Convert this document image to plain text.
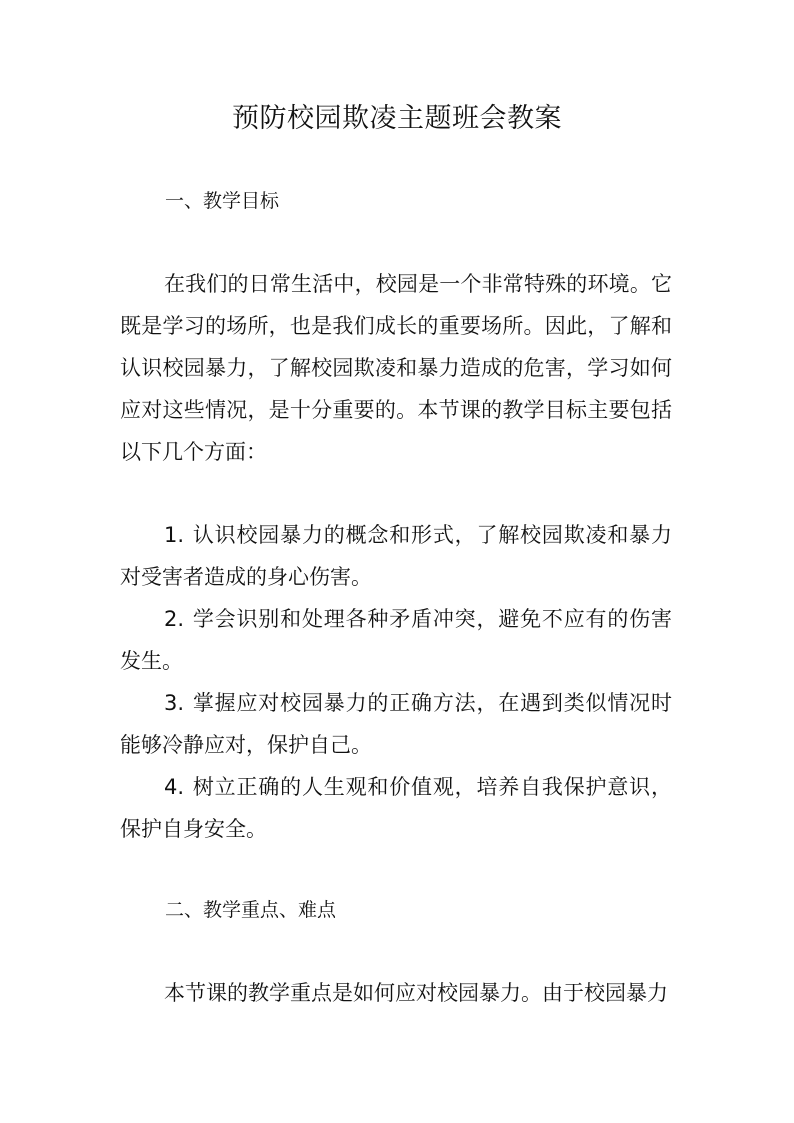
预防校园欺凌主题班会教案
一、教学目标

在我们的日常生活中，校园是一个非常特殊的环境。它既是学习的场所，也是我们成长的重要场所。因此，了解和认识校园暴力，了解校园欺凌和暴力造成的危害，学习如何应对这些情况，是十分重要的。本节课的教学目标主要包括以下几个方面：

1. 认识校园暴力的概念和形式，了解校园欺凌和暴力对受害者造成的身心伤害。
2. 学会识别和处理各种矛盾冲突，避免不应有的伤害发生。
3. 掌握应对校园暴力的正确方法，在遇到类似情况时能够冷静应对，保护自己。
4. 树立正确的人生观和价值观，培养自我保护意识，保护自身安全。
二、教学重点、难点

本节课的教学重点是如何应对校园暴力。由于校园暴力
